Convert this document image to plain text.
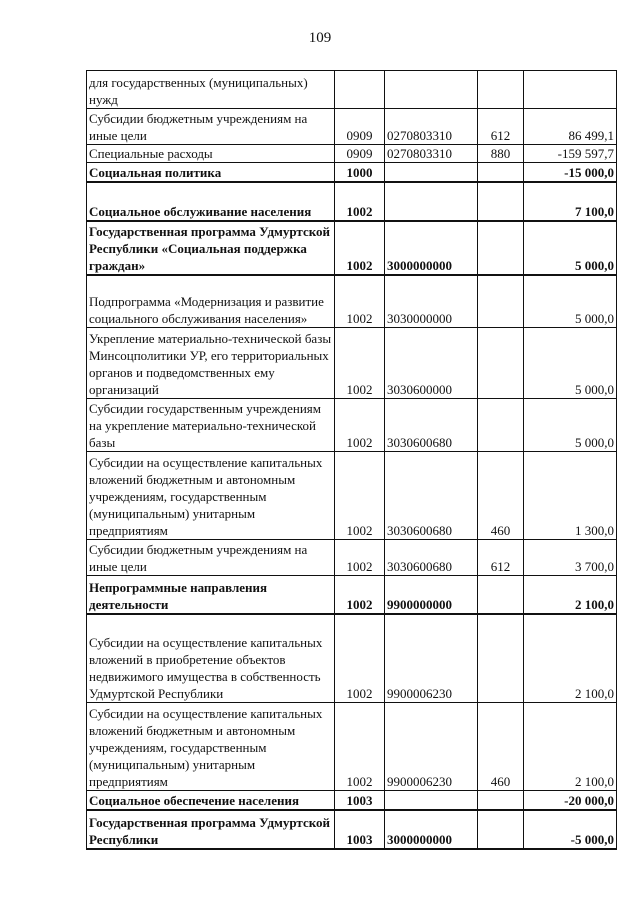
109
для государственных (муниципальных) нужд				
Субсидии бюджетным учреждениям на иные цели	0909	0270803310	612	86 499,1
Специальные расходы	0909	0270803310	880	-159 597,7
Социальная политика	1000			-15 000,0
Социальное обслуживание населения	1002			7 100,0
Государственная программа Удмуртской Республики «Социальная поддержка граждан»	1002	3000000000		5 000,0
Подпрограмма «Модернизация и развитие социального обслуживания населения»	1002	3030000000		5 000,0
Укрепление материально-технической базы Минсоцполитики УР, его территориальных органов и подведомственных ему организаций	1002	3030600000		5 000,0
Субсидии государственным учреждениям на укрепление материально-технической базы	1002	3030600680		5 000,0
Субсидии на осуществление капитальных вложений бюджетным и автономным учреждениям, государственным (муниципальным) унитарным предприятиям	1002	3030600680	460	1 300,0
Субсидии бюджетным учреждениям на иные цели	1002	3030600680	612	3 700,0
Непрограммные направления деятельности	1002	9900000000		2 100,0
Субсидии на осуществление капитальных вложений в приобретение объектов недвижимого имущества в собственность Удмуртской Республики	1002	9900006230		2 100,0
Субсидии на осуществление капитальных вложений бюджетным и автономным учреждениям, государственным (муниципальным) унитарным предприятиям	1002	9900006230	460	2 100,0
Социальное обеспечение населения	1003			-20 000,0
Государственная программа Удмуртской Республики	1003	3000000000		-5 000,0
